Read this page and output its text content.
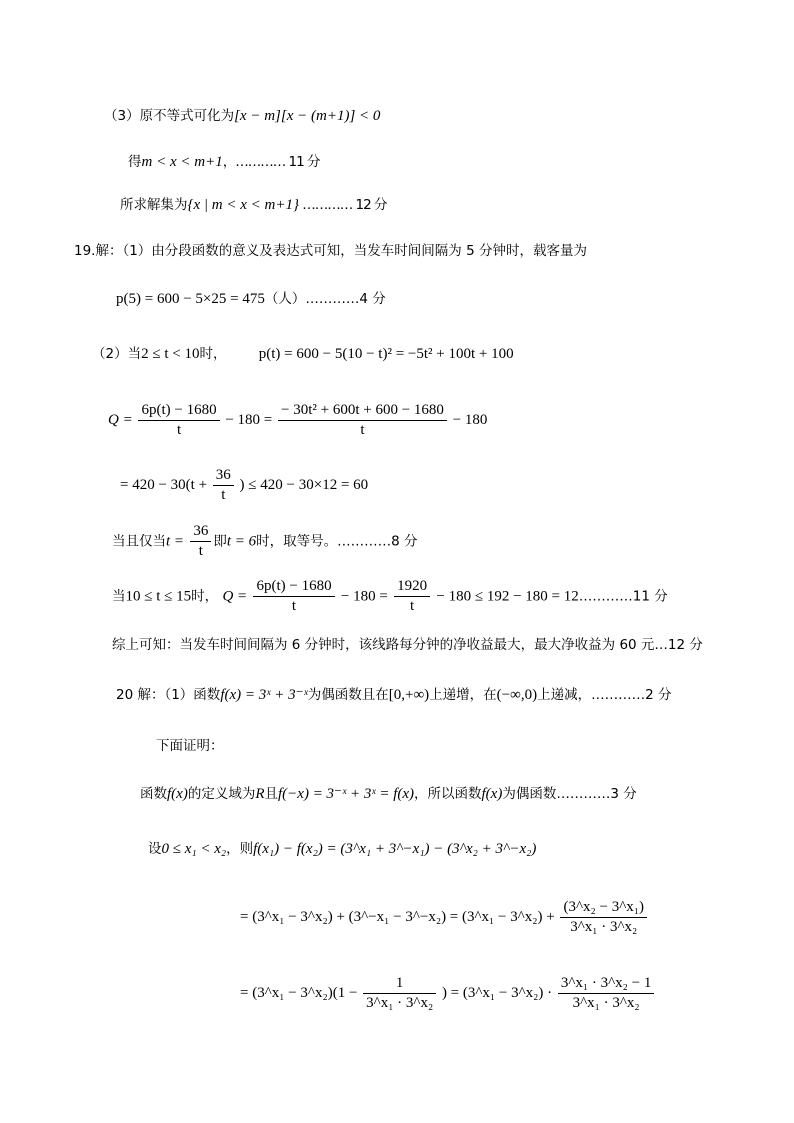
（3）原不等式可化为[x − m][x − (m+1)] < 0
得m < x < m+1，………… 11 分
所求解集为{x | m < x < m+1} ………… 12 分
19.解：（1）由分段函数的意义及表达式可知，当发车时间间隔为 5 分钟时，载客量为
p(5) = 600 − 5×25 = 475（人）…………4 分
（2）当2 ≤ t < 10时， p(t) = 600 − 5(10 − t)² = −5t² + 100t + 100
$Q = \frac{6p(t) - 1680}{t} - 180 = \frac{\text{− 30t² + 600t + 600 − 1680}}{t} - 180$
= $420 - 30(t + \frac{36}{t}$ ) ≤ 420 − 30×12 = 60
当且仅当$t = \frac{36}{t}$ 即t = 6时，取等号。…………8 分
当10 ≤ t ≤ 15时， $Q = \frac{6p(t) - 1680}{t} - 180 = \frac{1920}{t} - 180 \le 192 - 180$ = 12…………11 分
综上可知：当发车时间间隔为 6 分钟时，该线路每分钟的净收益最大，最大净收益为 60 元…12 分
20 解：（1）函数f(x) = 3ˣ + 3⁻ˣ为偶函数且在[0,+∞)上递增，在(−∞,0)上递减，…………2 分
下面证明：
函数f(x)的定义域为R且f(−x) = 3⁻ˣ + 3ˣ = f(x)，所以函数f(x)为偶函数…………3 分
设0 ≤ x₁ < x₂，则f(x₁) − f(x₂) = (3^x₁ + 3^−x₁) − (3^x₂ + 3^−x₂)
= (3^x₁ − 3^x₂) + (3^−x₁ − 3^−x₂) = (3^x₁ − 3^x₂) + $\frac{\text{(3\textasciicircum{}x₂ − 3\textasciicircum{}x₁)}}{\text{3\textasciicircum{}x₁ · 3\textasciicircum{}x₂}}$
= (3^x₁ − 3^x₂)(1 − $\frac{1}{\text{3\textasciicircum{}x₁ · 3\textasciicircum{}x₂}}$ ) = (3^x₁ − 3^x₂) · $\frac{\text{3\textasciicircum{}x₁ · 3\textasciicircum{}x₂ − 1}}{\text{3\textasciicircum{}x₁ · 3\textasciicircum{}x₂}}$
